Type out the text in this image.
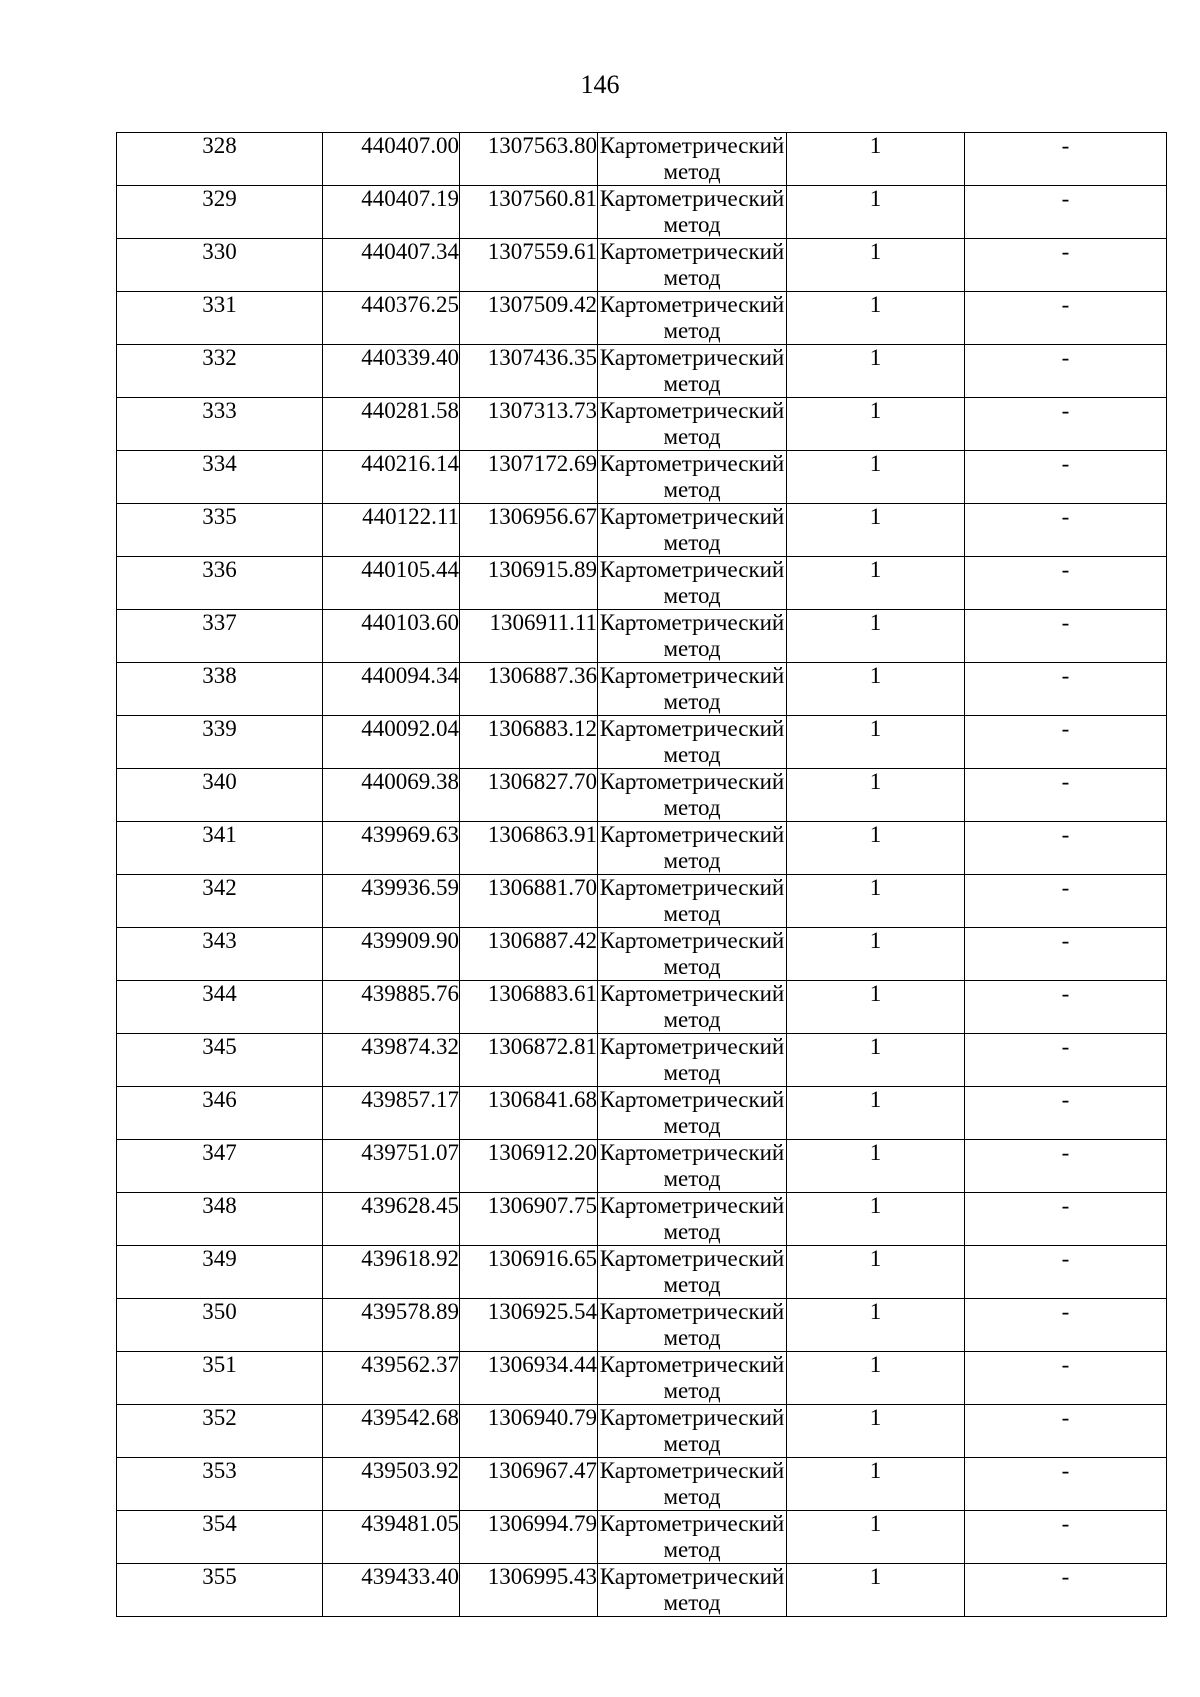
146
328	440407.00	1307563.80	Картометрический метод	1	-
329	440407.19	1307560.81	Картометрический метод	1	-
330	440407.34	1307559.61	Картометрический метод	1	-
331	440376.25	1307509.42	Картометрический метод	1	-
332	440339.40	1307436.35	Картометрический метод	1	-
333	440281.58	1307313.73	Картометрический метод	1	-
334	440216.14	1307172.69	Картометрический метод	1	-
335	440122.11	1306956.67	Картометрический метод	1	-
336	440105.44	1306915.89	Картометрический метод	1	-
337	440103.60	1306911.11	Картометрический метод	1	-
338	440094.34	1306887.36	Картометрический метод	1	-
339	440092.04	1306883.12	Картометрический метод	1	-
340	440069.38	1306827.70	Картометрический метод	1	-
341	439969.63	1306863.91	Картометрический метод	1	-
342	439936.59	1306881.70	Картометрический метод	1	-
343	439909.90	1306887.42	Картометрический метод	1	-
344	439885.76	1306883.61	Картометрический метод	1	-
345	439874.32	1306872.81	Картометрический метод	1	-
346	439857.17	1306841.68	Картометрический метод	1	-
347	439751.07	1306912.20	Картометрический метод	1	-
348	439628.45	1306907.75	Картометрический метод	1	-
349	439618.92	1306916.65	Картометрический метод	1	-
350	439578.89	1306925.54	Картометрический метод	1	-
351	439562.37	1306934.44	Картометрический метод	1	-
352	439542.68	1306940.79	Картометрический метод	1	-
353	439503.92	1306967.47	Картометрический метод	1	-
354	439481.05	1306994.79	Картометрический метод	1	-
355	439433.40	1306995.43	Картометрический метод	1	-
